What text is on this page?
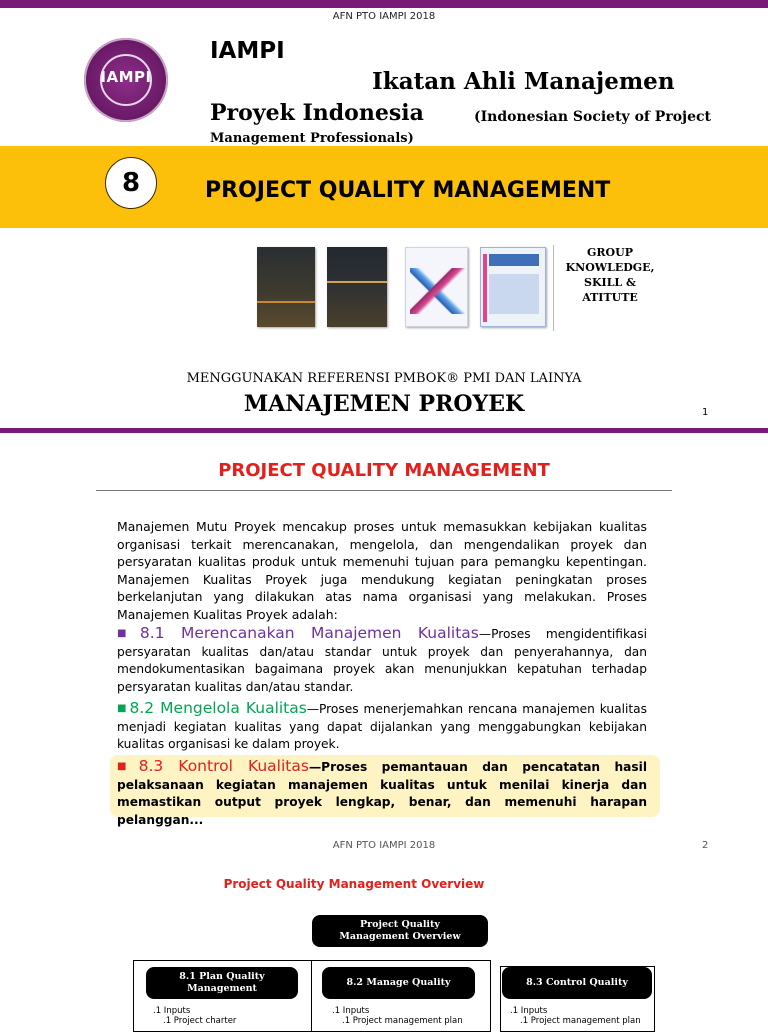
AFN PTO IAMPI 2018
IAMPI
IAMPI
Ikatan Ahli Manajemen
Proyek Indonesia	(Indonesian Society of Project
Management Professionals)
8	PROJECT QUALITY MANAGEMENT
GROUP
KNOWLEDGE,
SKILL &
ATITUTE
MENGGUNAKAN REFERENSI PMBOK® PMI DAN LAINYA
MANAJEMEN PROYEK	1
PROJECT QUALITY MANAGEMENT
Manajemen Mutu Proyek mencakup proses untuk memasukkan kebijakan kualitas organisasi terkait merencanakan, mengelola, dan mengendalikan proyek dan persyaratan kualitas produk untuk memenuhi tujuan para pemangku kepentingan. Manajemen Kualitas Proyek juga mendukung kegiatan peningkatan proses berkelanjutan yang dilakukan atas nama organisasi yang melakukan. Proses Manajemen Kualitas Proyek adalah:
■ 8.1 Merencanakan Manajemen Kualitas—Proses mengidentifikasi persyaratan kualitas dan/atau standar untuk proyek dan penyerahannya, dan mendokumentasikan bagaimana proyek akan menunjukkan kepatuhan terhadap persyaratan kualitas dan/atau standar.
■ 8.2 Mengelola Kualitas—Proses menerjemahkan rencana manajemen kualitas menjadi kegiatan kualitas yang dapat dijalankan yang menggabungkan kebijakan kualitas organisasi ke dalam proyek.
■ 8.3 Kontrol Kualitas—Proses pemantauan dan pencatatan hasil pelaksanaan kegiatan manajemen kualitas untuk menilai kinerja dan memastikan output proyek lengkap, benar, dan memenuhi harapan pelanggan...
AFN PTO IAMPI 2018	2
Project Quality Management Overview
Project Quality Management Overview
8.1 Plan Quality Management
8.2 Manage Quality	8.3 Control Quality
.1 Inputs
.1 Project charter
.1 Inputs
.1 Project management plan
.1 Inputs
.1 Project management plan
